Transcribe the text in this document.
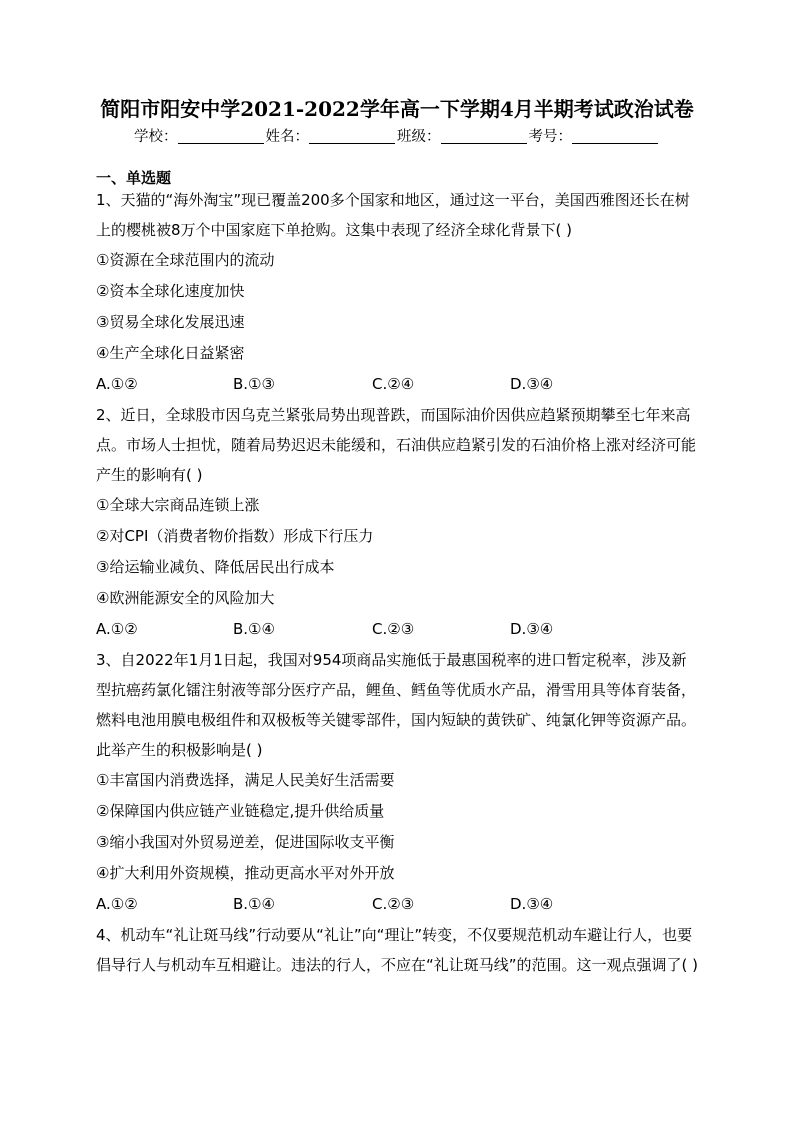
简阳市阳安中学2021-2022学年高一下学期4月半期考试政治试卷
学校：	姓名：	班级：	考号：
一、单选题

1、天猫的“海外淘宝”现已覆盖200多个国家和地区，通过这一平台，美国西雅图还长在树上的樱桃被8万个中国家庭下单抢购。这集中表现了经济全球化背景下( )

①资源在全球范围内的流动

②资本全球化速度加快

③贸易全球化发展迅速

④生产全球化日益紧密

A.①②	B.①③	C.②④	D.③④

2、近日，全球股市因乌克兰紧张局势出现普跌，而国际油价因供应趋紧预期攀至七年来高点。市场人士担忧，随着局势迟迟未能缓和，石油供应趋紧引发的石油价格上涨对经济可能产生的影响有( )

①全球大宗商品连锁上涨

②对CPI（消费者物价指数）形成下行压力

③给运输业减负、降低居民出行成本

④欧洲能源安全的风险加大

A.①②	B.①④	C.②③	D.③④

3、自2022年1月1日起，我国对954项商品实施低于最惠国税率的进口暂定税率，涉及新型抗癌药氯化镭注射液等部分医疗产品，鲤鱼、鳕鱼等优质水产品，滑雪用具等体育装备，燃料电池用膜电极组件和双极板等关键零部件，国内短缺的黄铁矿、纯氯化钾等资源产品。此举产生的积极影响是( )

①丰富国内消费选择，满足人民美好生活需要

②保障国内供应链产业链稳定,提升供给质量

③缩小我国对外贸易逆差，促进国际收支平衡

④扩大利用外资规模，推动更高水平对外开放

A.①②	B.①④	C.②③	D.③④

4、机动车“礼让斑马线”行动要从“礼让”向“理让”转变，不仅要规范机动车避让行人，也要倡导行人与机动车互相避让。违法的行人，不应在“礼让斑马线”的范围。这一观点强调了( )
